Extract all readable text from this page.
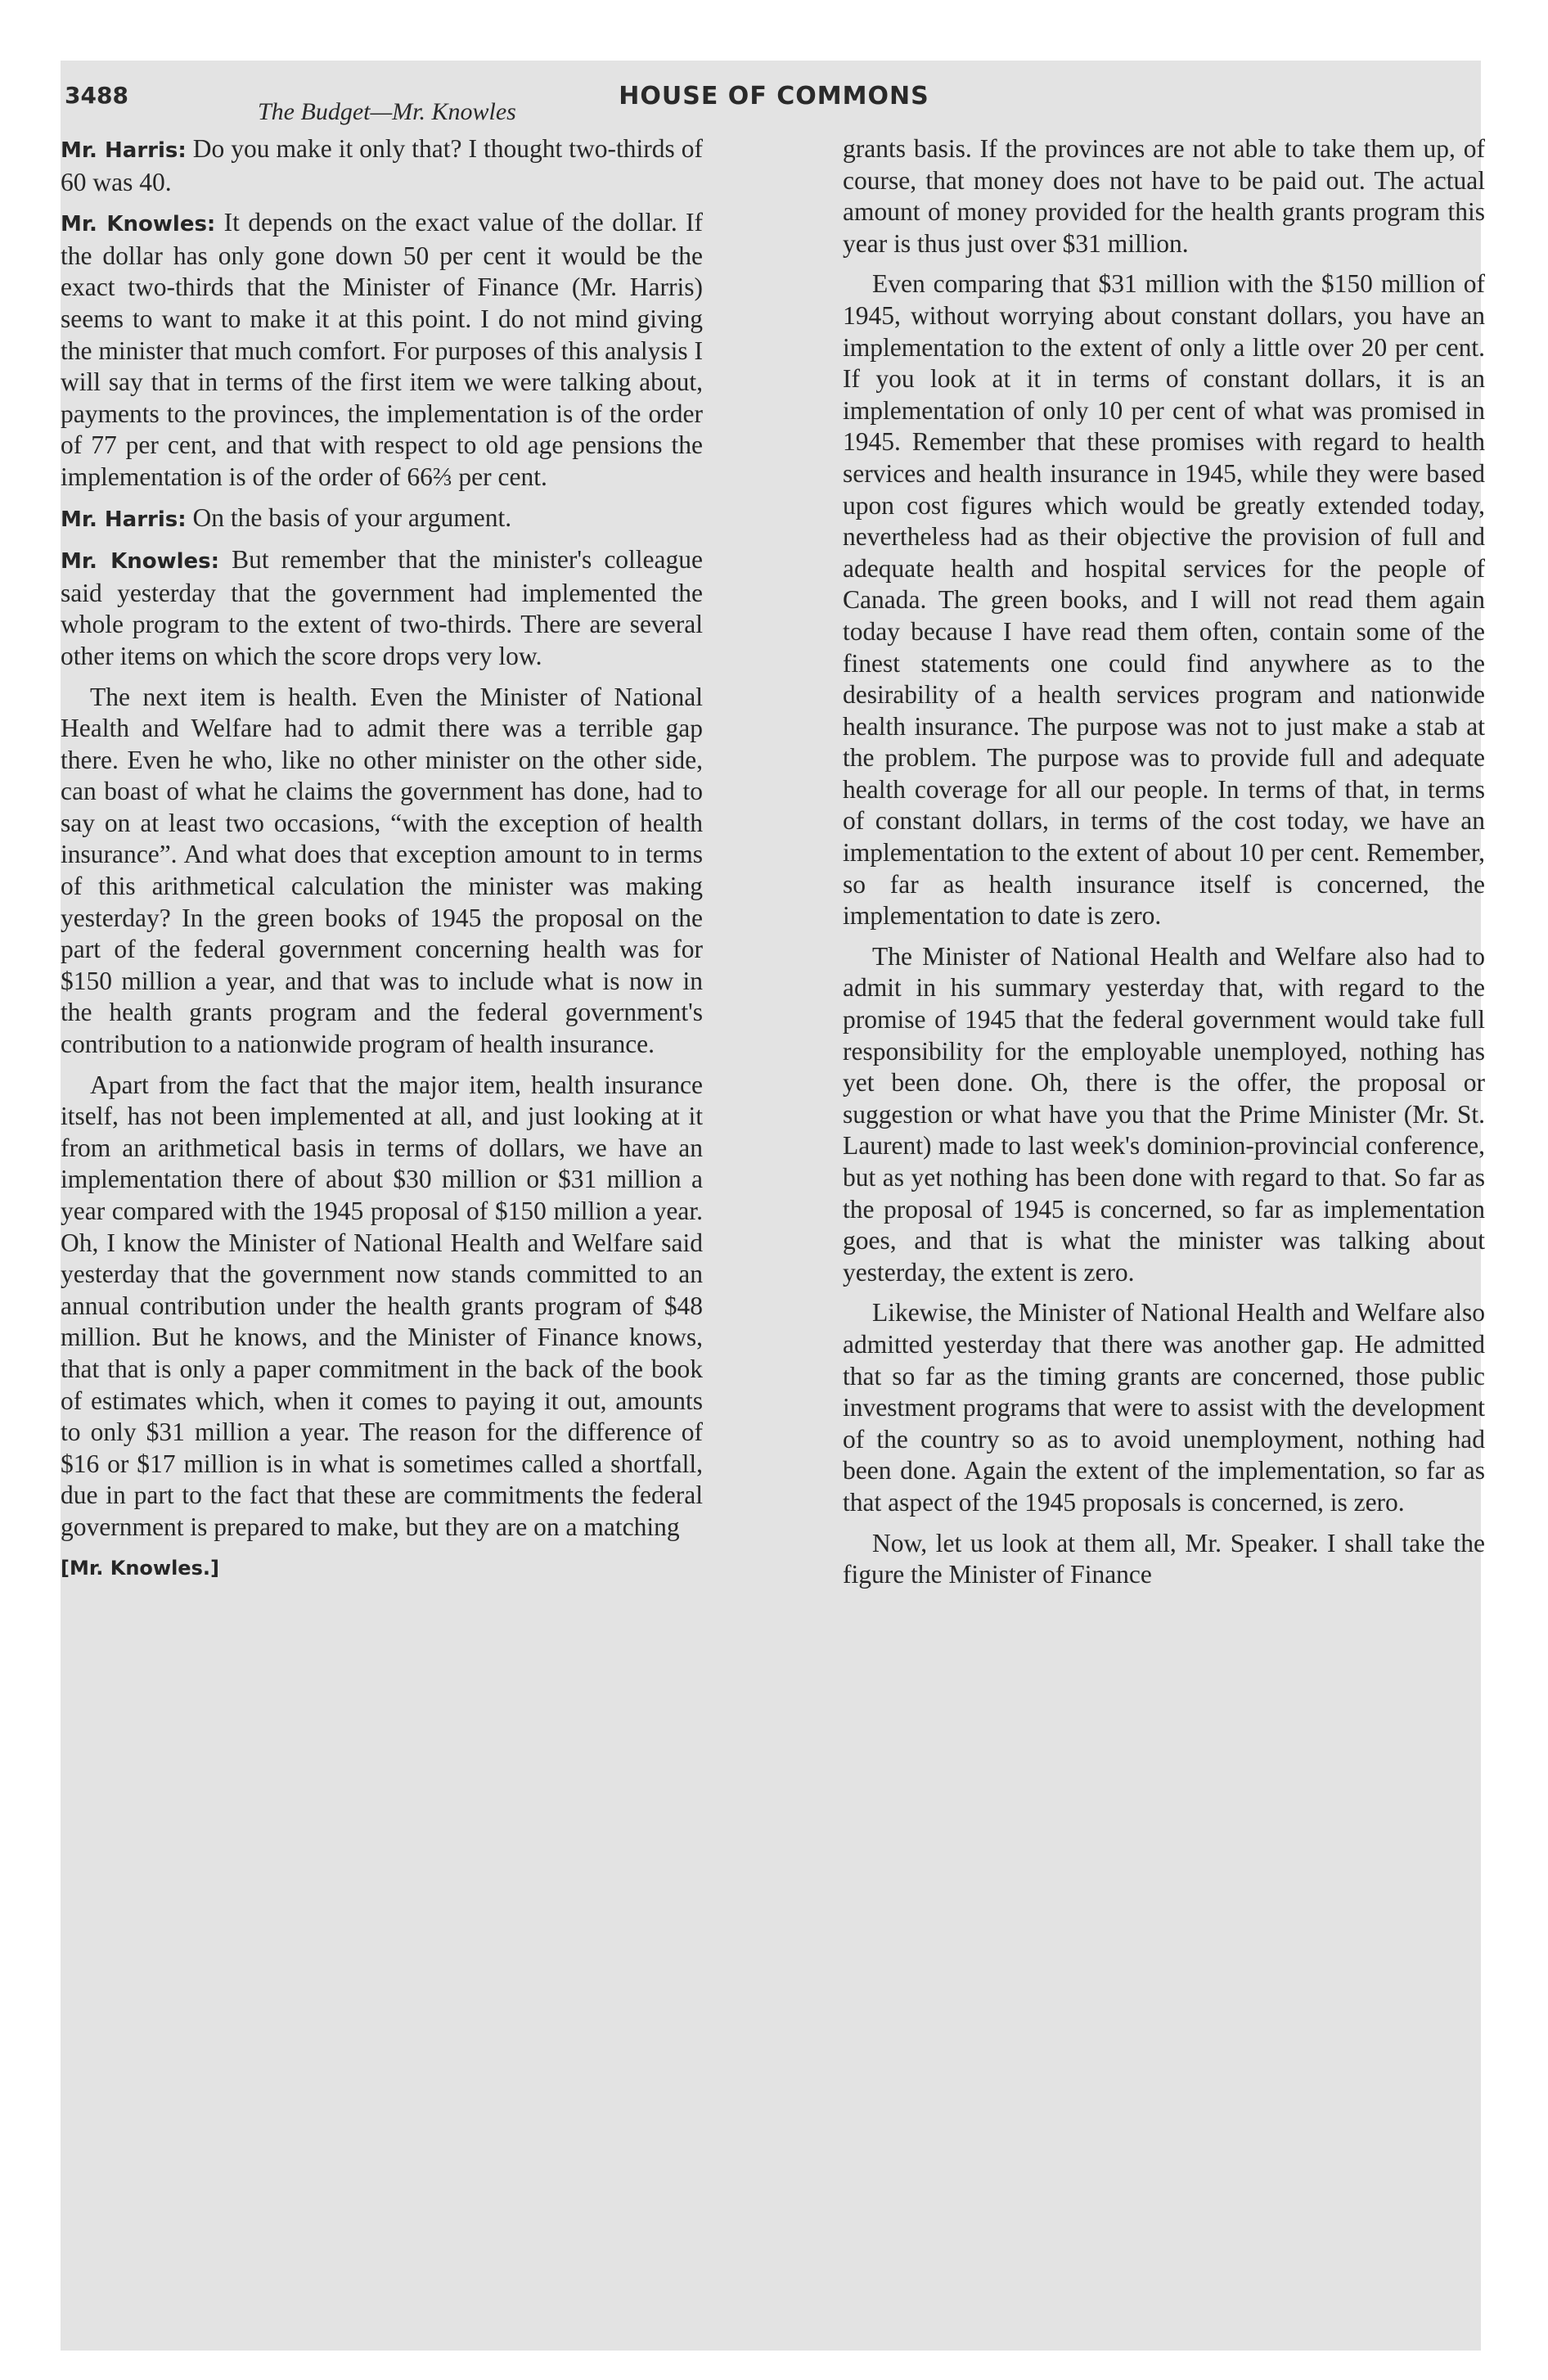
3488	HOUSE OF COMMONS
The Budget—Mr. Knowles

Mr. Harris: Do you make it only that? I thought two-thirds of 60 was 40.

Mr. Knowles: It depends on the exact value of the dollar. If the dollar has only gone down 50 per cent it would be the exact two-thirds that the Minister of Finance (Mr. Harris) seems to want to make it at this point. I do not mind giving the minister that much comfort. For purposes of this analysis I will say that in terms of the first item we were talking about, payments to the provinces, the implementation is of the order of 77 per cent, and that with respect to old age pensions the implementation is of the order of 66⅔ per cent.

Mr. Harris: On the basis of your argument.

Mr. Knowles: But remember that the minister's colleague said yesterday that the government had implemented the whole program to the extent of two-thirds. There are several other items on which the score drops very low.

The next item is health. Even the Minister of National Health and Welfare had to admit there was a terrible gap there. Even he who, like no other minister on the other side, can boast of what he claims the government has done, had to say on at least two occasions, “with the exception of health insurance”. And what does that exception amount to in terms of this arithmetical calculation the minister was making yesterday? In the green books of 1945 the proposal on the part of the federal government concerning health was for $150 million a year, and that was to include what is now in the health grants program and the federal government's contribution to a nationwide program of health insurance.

Apart from the fact that the major item, health insurance itself, has not been implemented at all, and just looking at it from an arithmetical basis in terms of dollars, we have an implementation there of about $30 million or $31 million a year compared with the 1945 proposal of $150 million a year. Oh, I know the Minister of National Health and Welfare said yesterday that the government now stands committed to an annual contribution under the health grants program of $48 million. But he knows, and the Minister of Finance knows, that that is only a paper commitment in the back of the book of estimates which, when it comes to paying it out, amounts to only $31 million a year. The reason for the difference of $16 or $17 million is in what is sometimes called a shortfall, due in part to the fact that these are commitments the federal government is prepared to make, but they are on a matching

[Mr. Knowles.]

grants basis. If the provinces are not able to take them up, of course, that money does not have to be paid out. The actual amount of money provided for the health grants program this year is thus just over $31 million.

Even comparing that $31 million with the $150 million of 1945, without worrying about constant dollars, you have an implementation to the extent of only a little over 20 per cent. If you look at it in terms of constant dollars, it is an implementation of only 10 per cent of what was promised in 1945. Remember that these promises with regard to health services and health insurance in 1945, while they were based upon cost figures which would be greatly extended today, nevertheless had as their objective the provision of full and adequate health and hospital services for the people of Canada. The green books, and I will not read them again today because I have read them often, contain some of the finest statements one could find anywhere as to the desirability of a health services program and nationwide health insurance. The purpose was not to just make a stab at the problem. The purpose was to provide full and adequate health coverage for all our people. In terms of that, in terms of constant dollars, in terms of the cost today, we have an implementation to the extent of about 10 per cent. Remember, so far as health insurance itself is concerned, the implementation to date is zero.

The Minister of National Health and Welfare also had to admit in his summary yesterday that, with regard to the promise of 1945 that the federal government would take full responsibility for the employable unemployed, nothing has yet been done. Oh, there is the offer, the proposal or suggestion or what have you that the Prime Minister (Mr. St. Laurent) made to last week's dominion-provincial conference, but as yet nothing has been done with regard to that. So far as the proposal of 1945 is concerned, so far as implementation goes, and that is what the minister was talking about yesterday, the extent is zero.

Likewise, the Minister of National Health and Welfare also admitted yesterday that there was another gap. He admitted that so far as the timing grants are concerned, those public investment programs that were to assist with the development of the country so as to avoid unemployment, nothing had been done. Again the extent of the implementation, so far as that aspect of the 1945 proposals is concerned, is zero.

Now, let us look at them all, Mr. Speaker. I shall take the figure the Minister of Finance
